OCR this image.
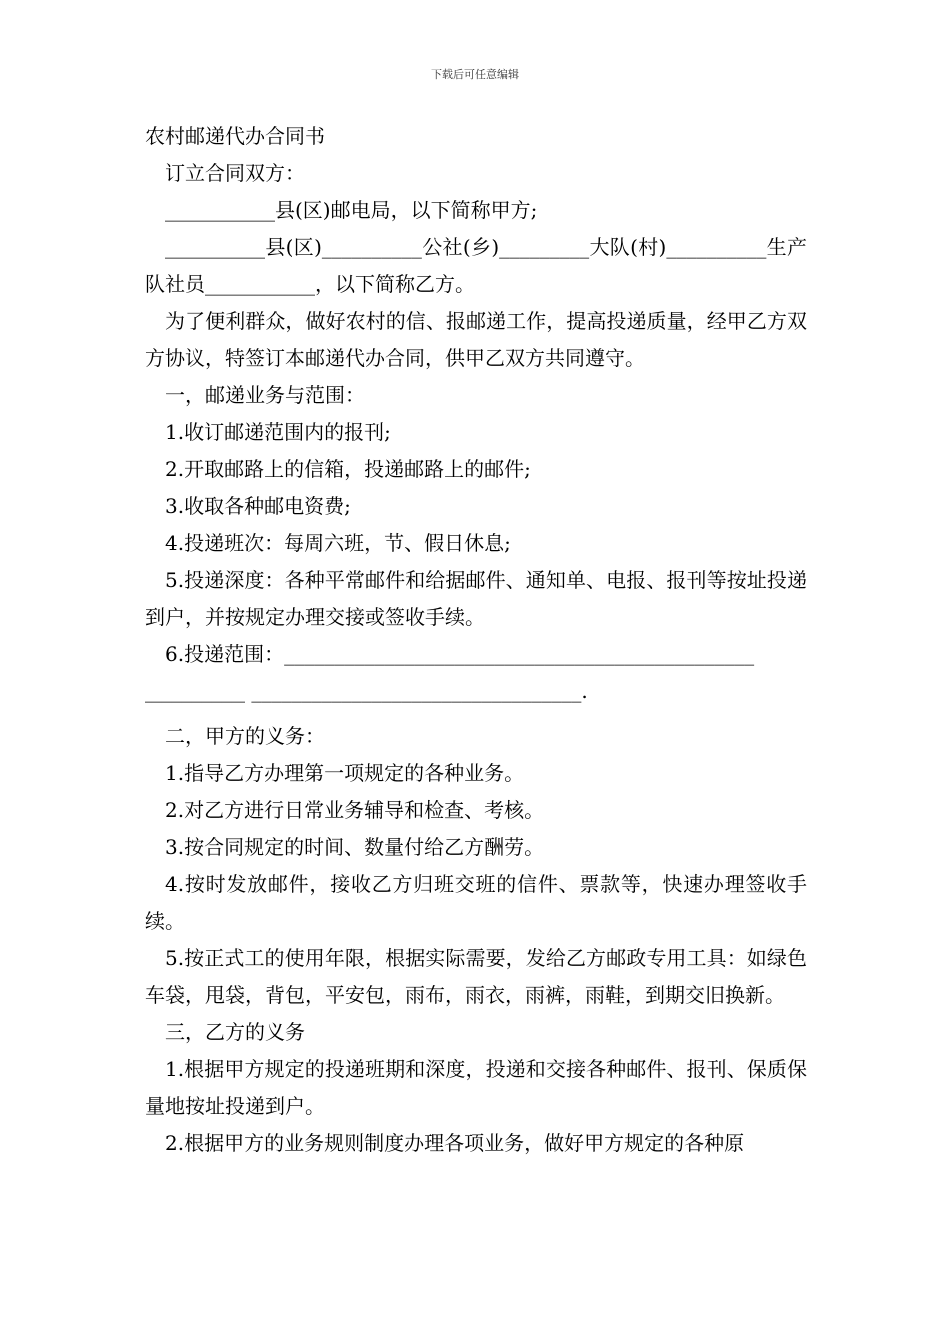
下载后可任意编辑
农村邮递代办合同书

订立合同双方：

___________县(区)邮电局，以下简称甲方;

__________县(区)__________公社(乡)_________大队(村)__________生产队社员___________，以下简称乙方。

为了便利群众，做好农村的信、报邮递工作，提高投递质量，经甲乙方双方协议，特签订本邮递代办合同，供甲乙双方共同遵守。

一，邮递业务与范围：

1.收订邮递范围内的报刊;

2.开取邮路上的信箱，投递邮路上的邮件;

3.收取各种邮电资费;

4.投递班次：每周六班，节、假日休息;

5.投递深度：各种平常邮件和给据邮件、通知单、电报、报刊等按址投递到户，并按规定办理交接或签收手续。

6.投递范围：_______________________________________________

__________ _________________________________.

二，甲方的义务：

1.指导乙方办理第一项规定的各种业务。

2.对乙方进行日常业务辅导和检查、考核。

3.按合同规定的时间、数量付给乙方酬劳。

4.按时发放邮件，接收乙方归班交班的信件、票款等，快速办理签收手续。

5.按正式工的使用年限，根据实际需要，发给乙方邮政专用工具：如绿色车袋，甩袋，背包，平安包，雨布，雨衣，雨裤，雨鞋，到期交旧换新。

三，乙方的义务

1.根据甲方规定的投递班期和深度，投递和交接各种邮件、报刊、保质保量地按址投递到户。

2.根据甲方的业务规则制度办理各项业务，做好甲方规定的各种原
